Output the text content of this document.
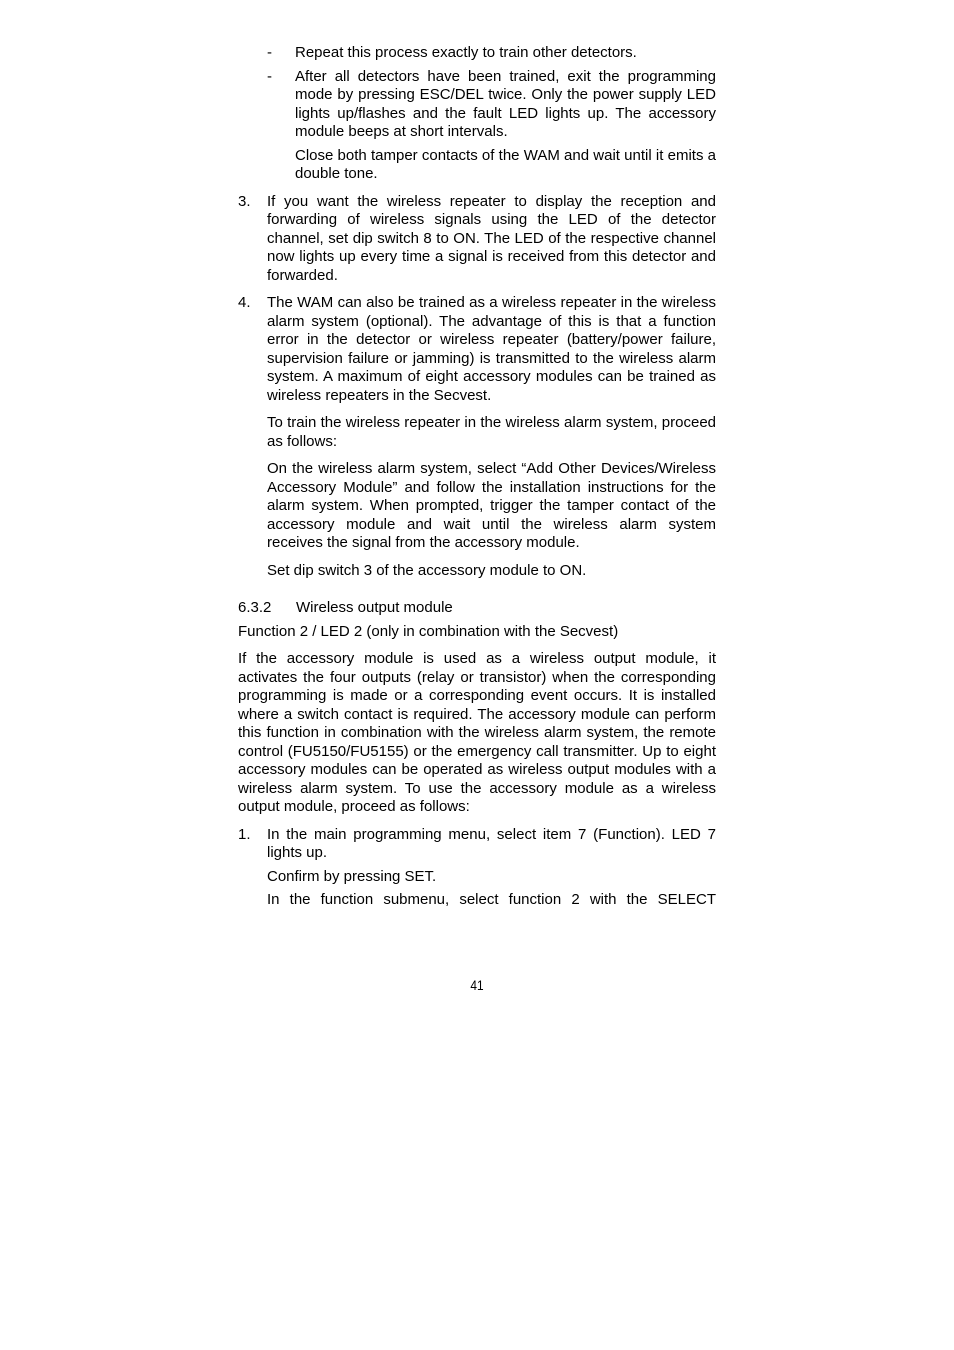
- Repeat this process exactly to train other detectors.

- After all detectors have been trained, exit the programming mode by pressing ESC/DEL twice. Only the power supply LED lights up/flashes and the fault LED lights up. The accessory module beeps at short intervals.

Close both tamper contacts of the WAM and wait until it emits a double tone.

3. If you want the wireless repeater to display the reception and forwarding of wireless signals using the LED of the detector channel, set dip switch 8 to ON. The LED of the respective channel now lights up every time a signal is received from this detector and forwarded.

4. The WAM can also be trained as a wireless repeater in the wireless alarm system (optional). The advantage of this is that a function error in the detector or wireless repeater (battery/power failure, supervision failure or jamming) is transmitted to the wireless alarm system. A maximum of eight accessory modules can be trained as wireless repeaters in the Secvest.

To train the wireless repeater in the wireless alarm system, proceed as follows:

On the wireless alarm system, select “Add Other Devices/Wireless Accessory Module” and follow the installation instructions for the alarm system. When prompted, trigger the tamper contact of the accessory module and wait until the wireless alarm system receives the signal from the accessory module.

Set dip switch 3 of the accessory module to ON.

6.3.2	Wireless output module

Function 2 / LED 2 (only in combination with the Secvest)

If the accessory module is used as a wireless output module, it activates the four outputs (relay or transistor) when the corresponding programming is made or a corresponding event occurs. It is installed where a switch contact is required. The accessory module can perform this function in combination with the wireless alarm system, the remote control (FU5150/FU5155) or the emergency call transmitter. Up to eight accessory modules can be operated as wireless output modules with a wireless alarm system. To use the accessory module as a wireless output module, proceed as follows:

1. In the main programming menu, select item 7 (Function). LED 7 lights up.

Confirm by pressing SET.

In the function submenu, select function 2 with the SELECT

41
